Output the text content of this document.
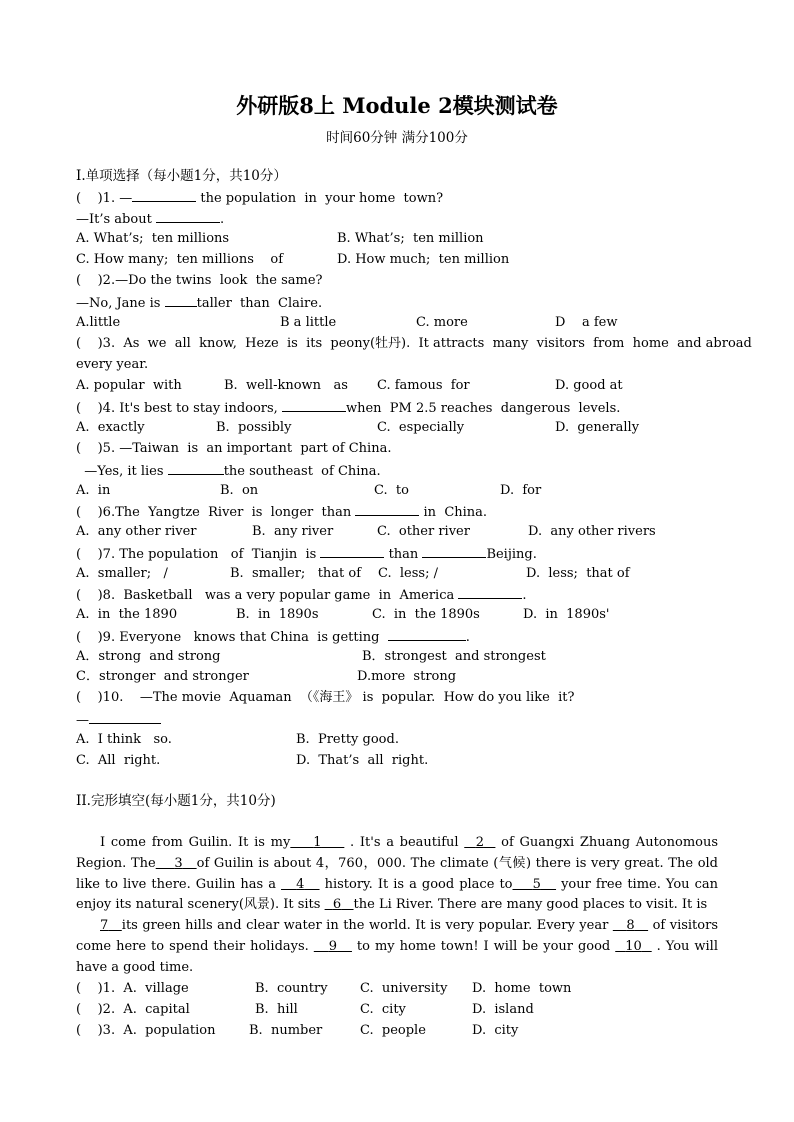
外研版8上 Module 2模块测试卷
时间60分钟 满分100分
I.单项选择（每小题1分，共10分）
(    )1. —	the population  in  your home  town?
—It’s about	.
A. What’s;  ten millions	B. What’s;  ten million
C. How many;  ten millions    of	D. How much;  ten million
(    )2.—Do the twins  look  the same?
—No, Jane is taller  than  Claire.
A.little	B a little	C. more	D    a few
(    )3.  As  we  all  know,  Heze  is  its  peony(牡丹).  It attracts  many  visitors  from  home  and abroad
every year.
A. popular  with	B.  well-known   as C. famous  for	D. good at
(    )4. It's best to stay indoors,	when  PM 2.5 reaches  dangerous  levels.
A.  exactly	B.  possibly	C.  especially	D.  generally
(    )5. —Taiwan  is  an important  part of China.
—Yes, it lies	the southeast  of China.
A.  in	B.  on	C.  to	D.  for
(    )6.The  Yangtze  River  is  longer  than	in  China.
A.  any other river	B.  any river	C.  other river	D.  any other rivers
(    )7. The population   of  Tianjin  is	than	Beijing.
A.  smaller;   /	B.  smaller;   that of C.  less; /	D.  less;  that of
(    )8.  Basketball   was a very popular game  in  America	.
A.  in  the 1890	B.  in  1890s	C.  in  the 1890s	D.  in  1890s'
(    )9. Everyone   knows that China  is getting	.
A．strong  and strong	B．strongest  and strongest
C．stronger  and stronger	D.more  strong
(    )10.    —The movie  Aquaman  （《海王》 is  popular.  How do you like  it?
—
A.  I think   so.	B.  Pretty good.
C.  All  right.	D.  That’s  all  right.
II.完形填空(每小题1分，共10分)
I come from Guilin. It is my 1     . It's a beautiful   2   of Guangxi Zhuang Autonomous Region. The 3 of Guilin is about 4，760，000. The climate (气候) there is very great. The old like to live there. Guilin has a    4    history. It is a good place to 5    your free time. You can enjoy its natural scenery(风景). It sits   6 the Li River. There are many good places to visit. It is
7 its green hills and clear water in the world. It is very popular. Every year    8    of visitors come here to spend their holidays.    9    to my home town! I will be your good   10   . You will have a good time.
(    )1.  A.  village	B.  country C.  university D.  home  town
(    )2.  A.  capital	B.  hill	C.  city	D.  island
(    )3.  A.  population	B.  number	C.  people	D.  city
